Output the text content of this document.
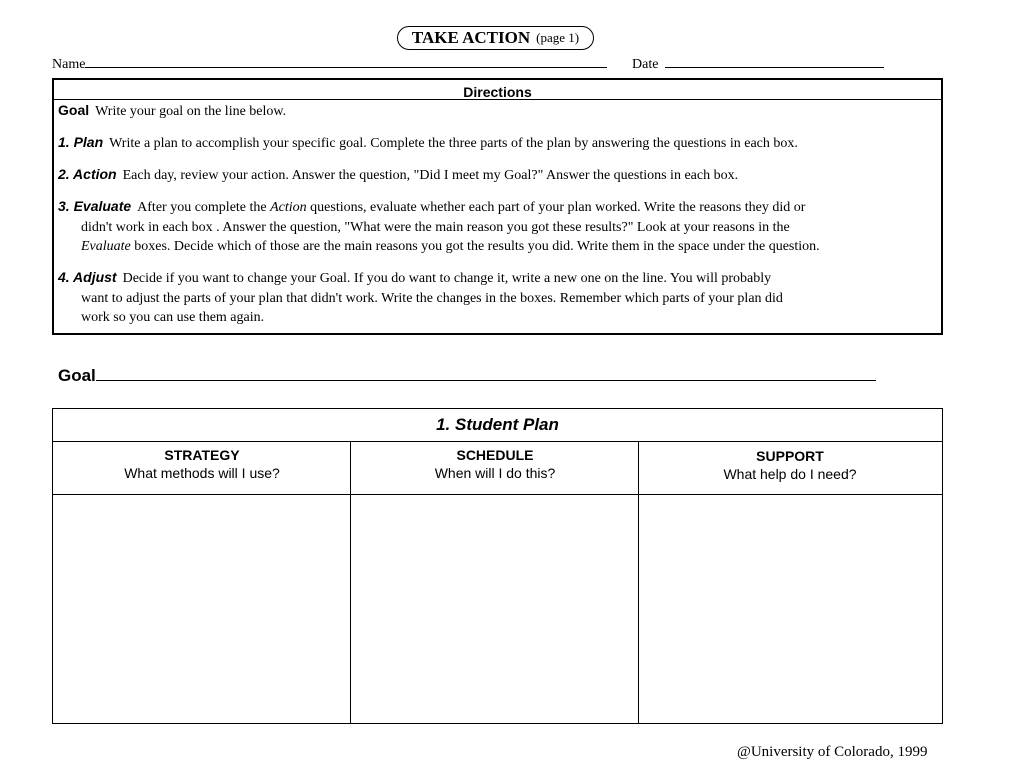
TAKE ACTION (page 1)
Name	Date
Directions
Goal Write your goal on the line below.
1. Plan Write a plan to accomplish your specific goal. Complete the three parts of the plan by answering the questions in each box.
2. Action Each day, review your action. Answer the question, "Did I meet my Goal?" Answer the questions in each box.
3. Evaluate After you complete the Action questions, evaluate whether each part of your plan worked. Write the reasons they did or
didn't work in each box . Answer the question, "What were the main reason you got these results?" Look at your reasons in the
Evaluate boxes. Decide which of those are the main reasons you got the results you did. Write them in the space under the question.
4. Adjust Decide if you want to change your Goal. If you do want to change it, write a new one on the line. You will probably
want to adjust the parts of your plan that didn't work. Write the changes in the boxes. Remember which parts of your plan did
work so you can use them again.
Goal
1. Student Plan
STRATEGY
What methods will I use?
SCHEDULE
When will I do this?
SUPPORT
What help do I need?
@University of Colorado, 1999
